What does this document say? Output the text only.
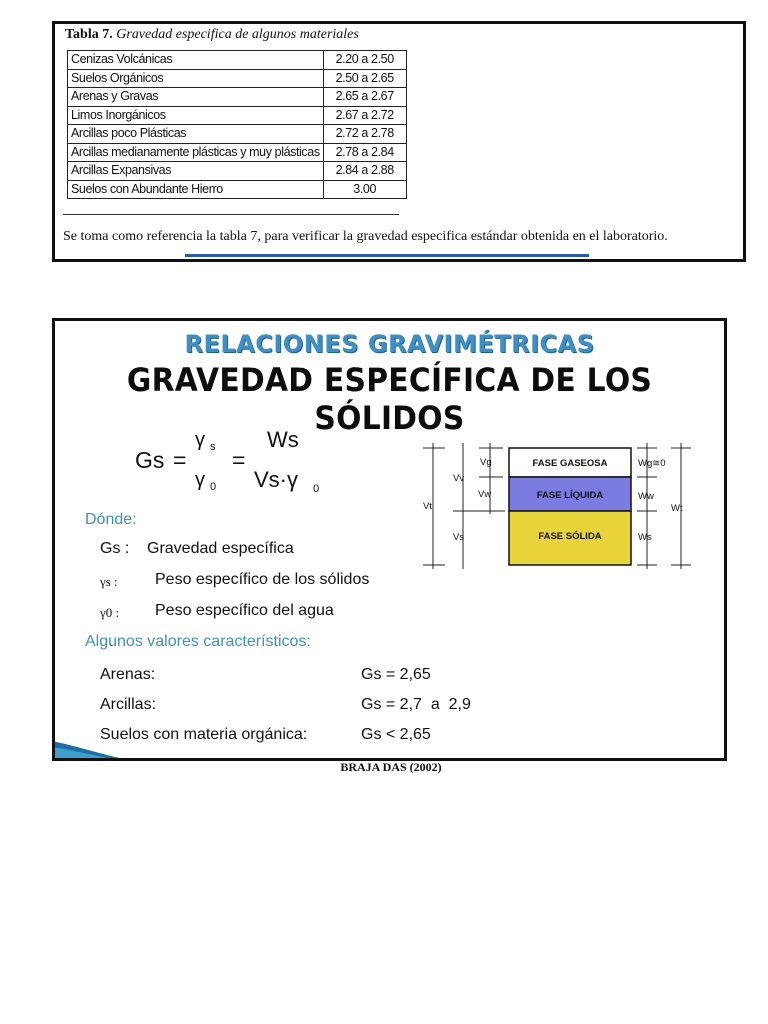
Tabla 7. Gravedad especifica de algunos materiales
Cenizas Volcánicas	2.20 a 2.50
Suelos Orgánicos	2.50 a 2.65
Arenas y Gravas	2.65 a 2.67
Limos Inorgánicos	2.67 a 2.72
Arcillas poco Plásticas	2.72 a 2.78
Arcillas medianamente plásticas y muy plásticas	2.78 a 2.84
Arcillas Expansivas	2.84 a 2.88
Suelos con Abundante Hierro	3.00
Se toma como referencia la tabla 7, para verificar la gravedad especifica estándar obtenida en el laboratorio.
RELACIONES GRAVIMÉTRICAS
GRAVEDAD ESPECÍFICA DE LOS SÓLIDOS
Gs =
γ s
γ 0
=
Ws
Vs·γ 0
Dónde:
Gs : Gravedad específica
γs : Peso específico de los sólidos
γ0 : Peso específico del agua
Algunos valores característicos:
Arenas:	Gs = 2,65
Arcillas:	Gs = 2,7  a  2,9
Suelos con materia orgánica:	Gs < 2,65
FASE GASEOSA
FASE LÍQUIDA
FASE SÓLIDA
Vt
Vv
Vg
Vw
Vs
Wg≅0
Ww
Ws
Wt
BRAJA DAS (2002)
